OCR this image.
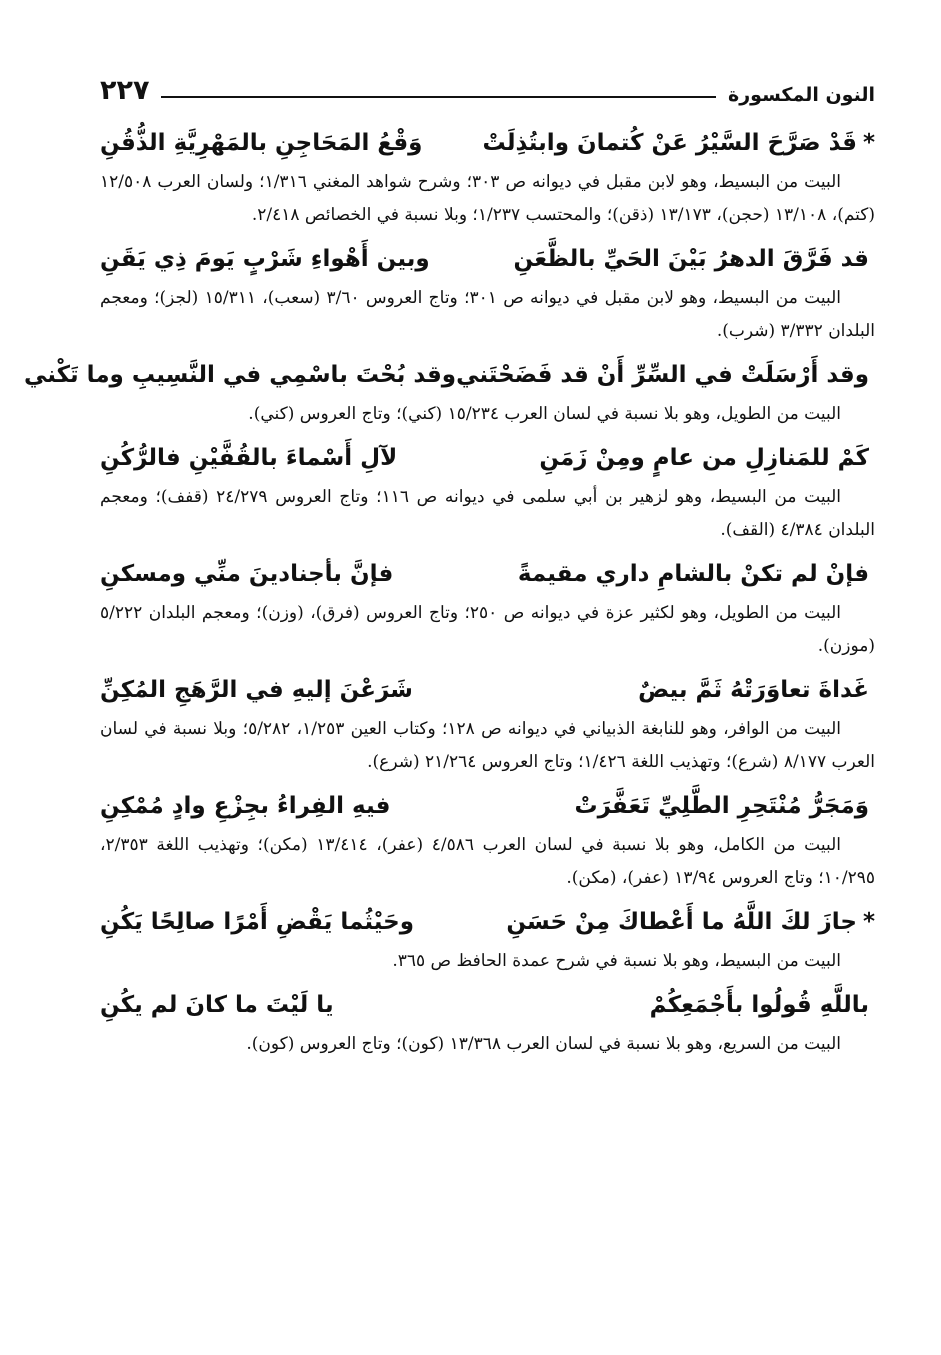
النون المكسورة
٢٢٧
*قَدْ صَرَّحَ السَّيْرُ عَنْ كُتمانَ وابتُذِلَتْ
وَقْعُ المَحَاجِنِ بالمَهْرِيَّةِ الذُّقُنِ

البيت من البسيط، وهو لابن مقبل في ديوانه ص ٣٠٣؛ وشرح شواهد المغني ١/٣١٦؛ ولسان العرب ١٢/٥٠٨ (كتم)، ١٣/١٠٨ (حجن)، ١٣/١٧٣ (ذقن)؛ والمحتسب ١/٢٣٧؛ وبلا نسبة في الخصائص ٢/٤١٨.

قد فَرَّقَ الدهرُ بَيْنَ الحَيِّ بالظَّعَنِ
وبين أَهْواءِ شَرْبٍ يَومَ ذِي يَقَنِ

البيت من البسيط، وهو لابن مقبل في ديوانه ص ٣٠١؛ وتاج العروس ٣/٦٠ (سعب)، ١٥/٣١١ (لجز)؛ ومعجم البلدان ٣/٣٣٢ (شرب).

وقد أَرْسَلَتْ في السِّرِّ أَنْ قد فَضَحْتَني
وقد بُحْتَ باسْمِي في النَّسِيبِ وما تَكْني

البيت من الطويل، وهو بلا نسبة في لسان العرب ١٥/٢٣٤ (كني)؛ وتاج العروس (كني).

كَمْ للمَنازِلِ من عامٍ ومِنْ زَمَنِ
لآلِ أَسْماءَ بالقُفَّيْنِ فالرُّكُنِ

البيت من البسيط، وهو لزهير بن أبي سلمى في ديوانه ص ١١٦؛ وتاج العروس ٢٤/٢٧٩ (قفف)؛ ومعجم البلدان ٤/٣٨٤ (القف).

فإنْ لم تكنْ بالشامِ داري مقيمةً
فإنَّ بأجنادينَ منِّي ومسكنِ

البيت من الطويل، وهو لكثير عزة في ديوانه ص ٢٥٠؛ وتاج العروس (فرق)، (وزن)؛ ومعجم البلدان ٥/٢٢٢ (موزن).

غَداةَ تعاوَرَتْهُ ثَمَّ بيضٌ
شَرَعْنَ إليهِ في الرَّهَجِ المُكِنِّ

البيت من الوافر، وهو للنابغة الذبياني في ديوانه ص ١٢٨؛ وكتاب العين ١/٢٥٣، ٥/٢٨٢؛ وبلا نسبة في لسان العرب ٨/١٧٧ (شرع)؛ وتهذيب اللغة ١/٤٢٦؛ وتاج العروس ٢١/٢٦٤ (شرع).

وَمَجَرُّ مُنْتَحِرِ الطَّلِيِّ تَعَفَّرَتْ
فيهِ الفِراءُ بجِزْعِ وادٍ مُمْكِنِ

البيت من الكامل، وهو بلا نسبة في لسان العرب ٤/٥٨٦ (عفر)، ١٣/٤١٤ (مكن)؛ وتهذيب اللغة ٢/٣٥٣، ١٠/٢٩٥؛ وتاج العروس ١٣/٩٤ (عفر)، (مكن).

*جازَ لكَ اللَّهُ ما أَعْطاكَ مِنْ حَسَنِ
وحَيْثُما يَقْضِ أَمْرًا صالِحًا يَكُنِ

البيت من البسيط، وهو بلا نسبة في شرح عمدة الحافظ ص ٣٦٥.

باللَّهِ قُولُوا بأَجْمَعِكُمْ
يا لَيْتَ ما كانَ لم يكُنِ

البيت من السريع، وهو بلا نسبة في لسان العرب ١٣/٣٦٨ (كون)؛ وتاج العروس (كون).
